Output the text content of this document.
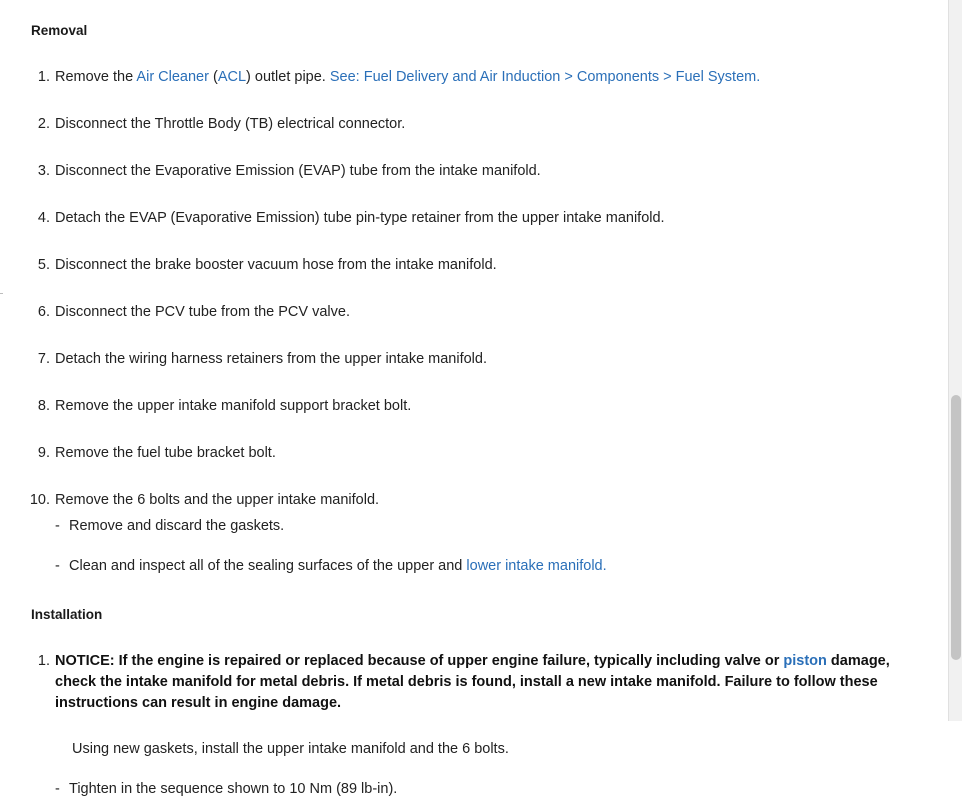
Removal
1. Remove the Air Cleaner (ACL) outlet pipe. See: Fuel Delivery and Air Induction > Components > Fuel System.
2. Disconnect the Throttle Body (TB) electrical connector.
3. Disconnect the Evaporative Emission (EVAP) tube from the intake manifold.
4. Detach the EVAP (Evaporative Emission) tube pin-type retainer from the upper intake manifold.
5. Disconnect the brake booster vacuum hose from the intake manifold.
6. Disconnect the PCV tube from the PCV valve.
7. Detach the wiring harness retainers from the upper intake manifold.
8. Remove the upper intake manifold support bracket bolt.
9. Remove the fuel tube bracket bolt.
10. Remove the 6 bolts and the upper intake manifold.
- Remove and discard the gaskets.
- Clean and inspect all of the sealing surfaces of the upper and lower intake manifold.
Installation
1. NOTICE: If the engine is repaired or replaced because of upper engine failure, typically including valve or piston damage, check the intake manifold for metal debris. If metal debris is found, install a new intake manifold. Failure to follow these instructions can result in engine damage.
Using new gaskets, install the upper intake manifold and the 6 bolts.
- Tighten in the sequence shown to 10 Nm (89 lb-in).
